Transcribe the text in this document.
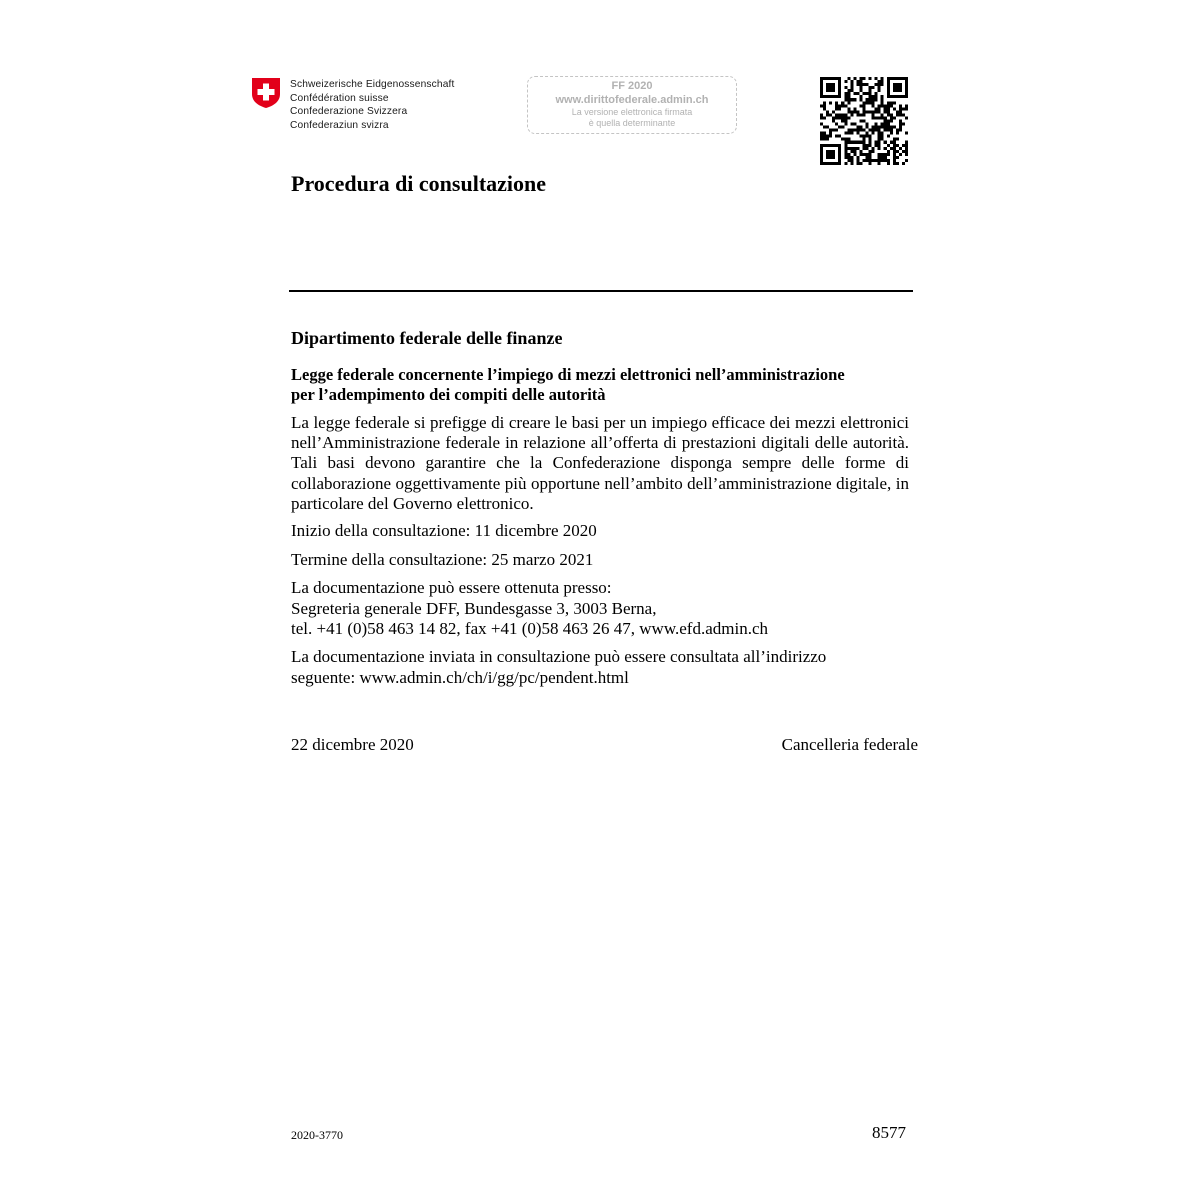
Schweizerische Eidgenossenschaft
Confédération suisse
Confederazione Svizzera
Confederaziun svizra
FF 2020
www.dirittofederale.admin.ch
La versione elettronica firmata
è quella determinante
Procedura di consultazione
Dipartimento federale delle finanze
Legge federale concernente l’impiego di mezzi elettronici nell’amministrazione
per l’adempimento dei compiti delle autorità
La legge federale si prefigge di creare le basi per un impiego efficace dei mezzi elettronici nell’Amministrazione federale in relazione all’offerta di prestazioni digitali delle autorità. Tali basi devono garantire che la Confederazione disponga sempre delle forme di collaborazione oggettivamente più opportune nell’ambito dell’amministrazione digitale, in particolare del Governo elettronico.
Inizio della consultazione: 11 dicembre 2020
Termine della consultazione: 25 marzo 2021
La documentazione può essere ottenuta presso:
Segreteria generale DFF, Bundesgasse 3, 3003 Berna,
tel. +41 (0)58 463 14 82, fax +41 (0)58 463 26 47, www.efd.admin.ch
La documentazione inviata in consultazione può essere consultata all’indirizzo
seguente: www.admin.ch/ch/i/gg/pc/pendent.html
22 dicembre 2020	Cancelleria federale
2020-3770	8577
